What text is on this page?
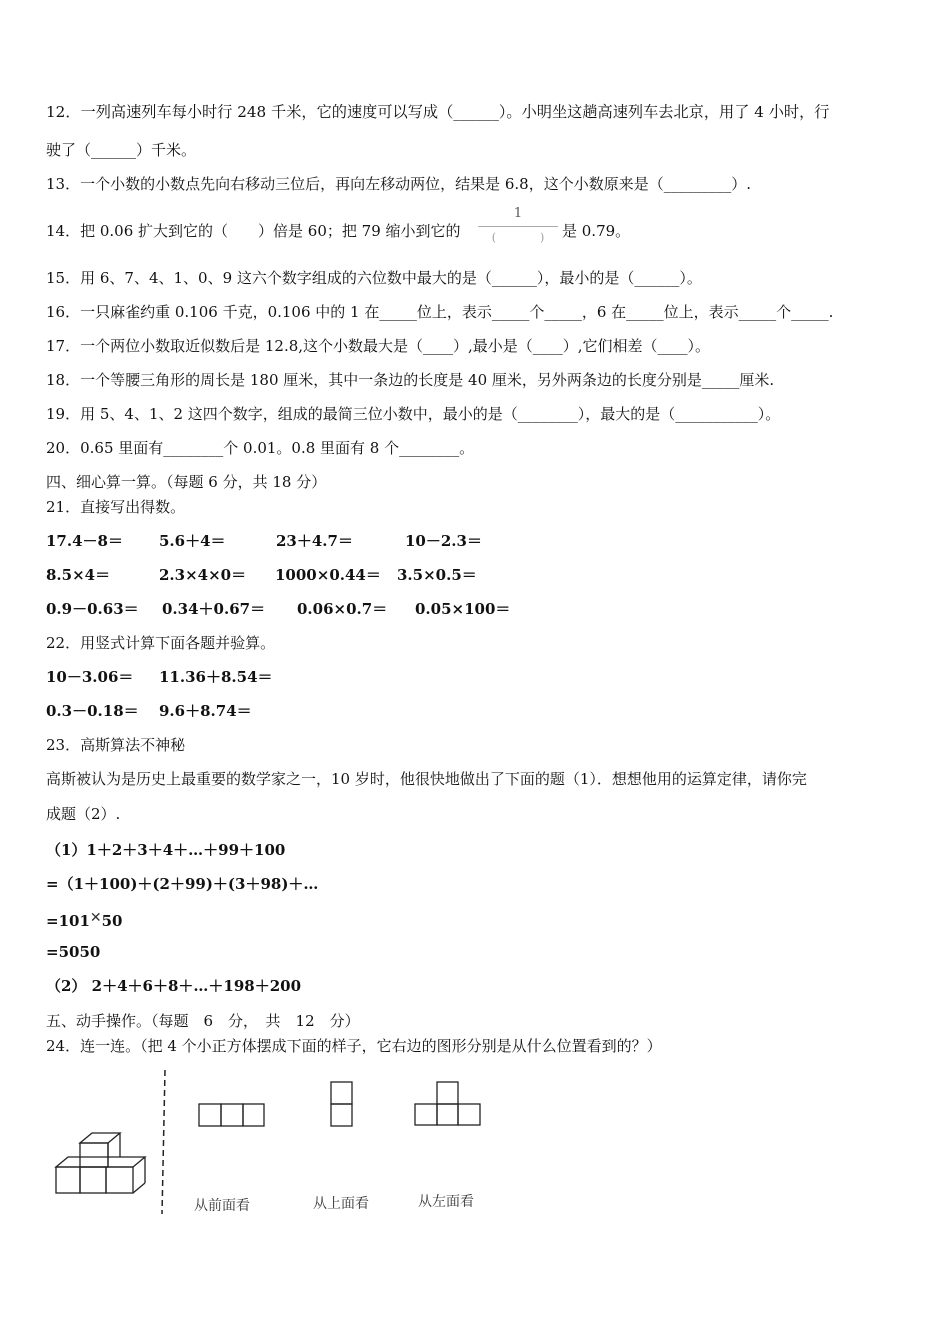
12．一列高速列车每小时行 248 千米，它的速度可以写成（______）。小明坐这趟高速列车去北京，用了 4 小时，行
驶了（______）千米。
13．一个小数的小数点先向右移动三位后，再向左移动两位，结果是 6.8，这个小数原来是（_________）.
14．把 0.06 扩大到它的（　　）倍是 60；把 79 缩小到它的
1
(　　　　)	是 0.79。
15．用 6、7、4、1、0、9 这六个数字组成的六位数中最大的是（______），最小的是（______）。
16．一只麻雀约重 0.106 千克，0.106 中的 1 在_____位上，表示_____个_____，6 在_____位上，表示_____个_____.
17．一个两位小数取近似数后是 12.8,这个小数最大是（____）,最小是（____）,它们相差（____）。
18．一个等腰三角形的周长是 180 厘米，其中一条边的长度是 40 厘米，另外两条边的长度分别是_____厘米.
19．用 5、4、1、2 这四个数字，组成的最简三位小数中，最小的是（________），最大的是（___________）。
20．0.65 里面有________个 0.01。0.8 里面有 8 个________。
四、细心算一算。（每题 6 分，共 18 分）
21．直接写出得数。
17.4－8＝ 5.6＋4＝	23＋4.7＝	10－2.3＝
8.5×4＝	2.3×4×0＝ 1000×0.44＝ 3.5×0.5＝
0.9－0.63＝ 0.34＋0.67＝ 0.06×0.7＝ 0.05×100＝
22．用竖式计算下面各题并验算。
10－3.06＝ 11.36＋8.54＝
0.3－0.18＝ 9.6＋8.74＝
23．高斯算法不神秘
高斯被认为是历史上最重要的数学家之一，10 岁时，他很快地做出了下面的题（1）．想想他用的运算定律，请你完
成题（2）.
（1）1＋2＋3＋4＋…＋99＋100
=（1＋100)＋(2＋99)＋(3＋98)＋…
=101✕50
=5050
（2） 2＋4＋6＋8＋…＋198＋200
五、动手操作。（每题　6　分，　共　12　分）
24．连一连。（把 4 个小正方体摆成下面的样子，它右边的图形分别是从什么位置看到的？）
从前面看	从上面看	从左面看
